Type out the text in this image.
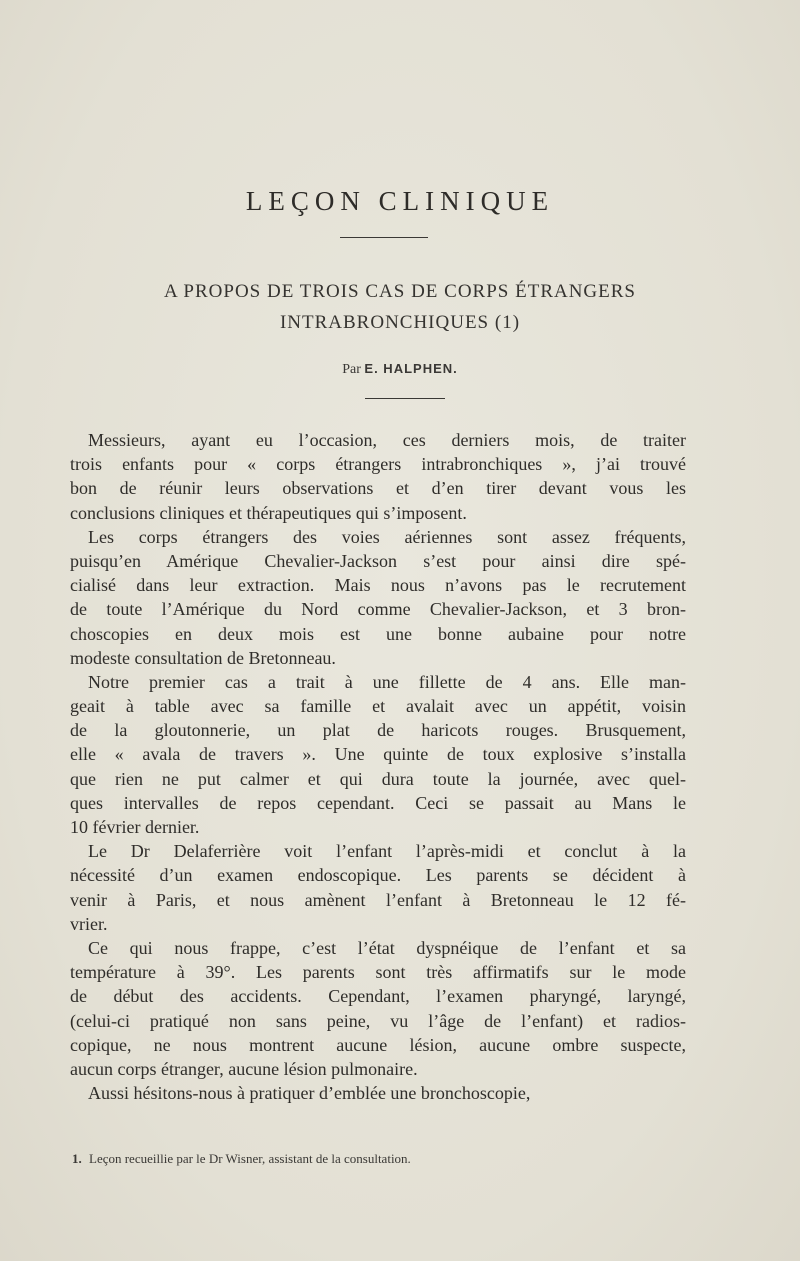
LEÇON CLINIQUE
A PROPOS DE TROIS CAS DE CORPS ÉTRANGERS
INTRABRONCHIQUES (1)
Par E. HALPHEN.
Messieurs, ayant eu l’occasion, ces derniers mois, de traiter
trois enfants pour « corps étrangers intrabronchiques », j’ai trouvé
bon de réunir leurs observations et d’en tirer devant vous les
conclusions cliniques et thérapeutiques qui s’imposent.
Les corps étrangers des voies aériennes sont assez fréquents,
puisqu’en Amérique Chevalier-Jackson s’est pour ainsi dire spé-
cialisé dans leur extraction. Mais nous n’avons pas le recrutement
de toute l’Amérique du Nord comme Chevalier-Jackson, et 3 bron-
choscopies en deux mois est une bonne aubaine pour notre
modeste consultation de Bretonneau.
Notre premier cas a trait à une fillette de 4 ans. Elle man-
geait à table avec sa famille et avalait avec un appétit, voisin
de la gloutonnerie, un plat de haricots rouges. Brusquement,
elle « avala de travers ». Une quinte de toux explosive s’installa
que rien ne put calmer et qui dura toute la journée, avec quel-
ques intervalles de repos cependant. Ceci se passait au Mans le
10 février dernier.
Le Dr Delaferrière voit l’enfant l’après-midi et conclut à la
nécessité d’un examen endoscopique. Les parents se décident à
venir à Paris, et nous amènent l’enfant à Bretonneau le 12 fé-
vrier.
Ce qui nous frappe, c’est l’état dyspnéique de l’enfant et sa
température à 39°. Les parents sont très affirmatifs sur le mode
de début des accidents. Cependant, l’examen pharyngé, laryngé,
(celui-ci pratiqué non sans peine, vu l’âge de l’enfant) et radios-
copique, ne nous montrent aucune lésion, aucune ombre suspecte,
aucun corps étranger, aucune lésion pulmonaire.
Aussi hésitons-nous à pratiquer d’emblée une bronchoscopie,
1. Leçon recueillie par le Dr Wisner, assistant de la consultation.
